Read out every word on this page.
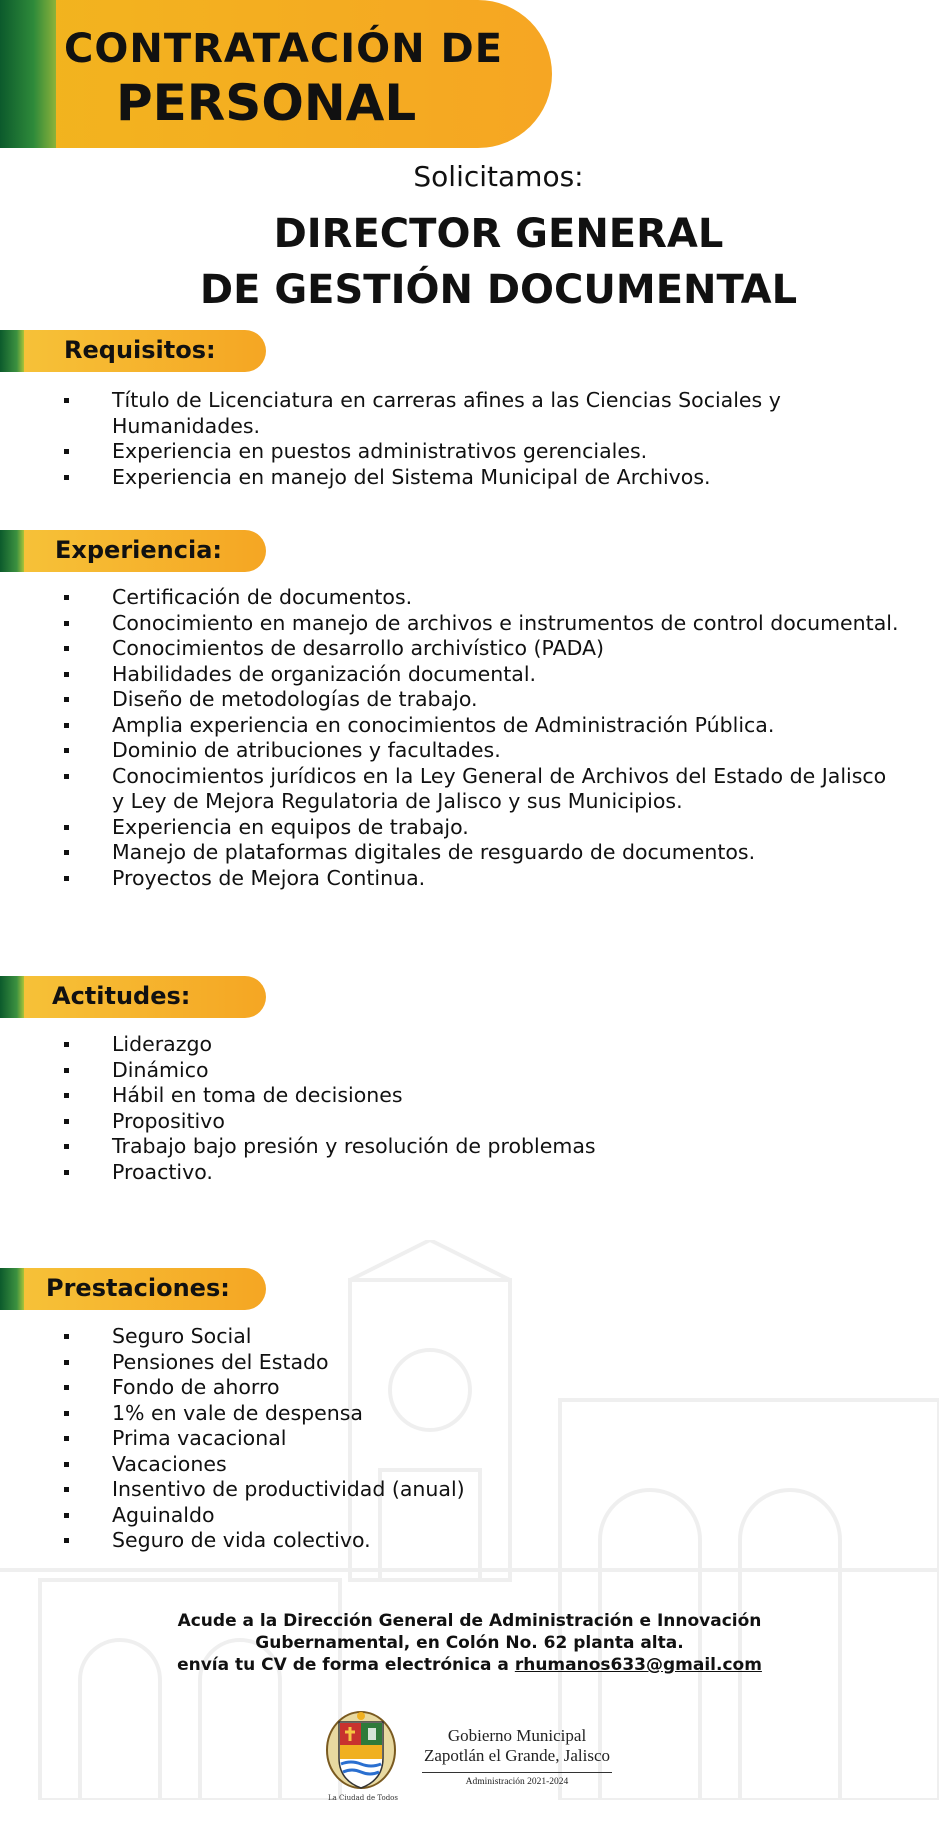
CONTRATACIÓN DE
PERSONAL
Solicitamos:
DIRECTOR GENERAL
DE GESTIÓN DOCUMENTAL
Requisitos:
Título de Licenciatura en carreras afines a las Ciencias Sociales y Humanidades.
Experiencia en puestos administrativos gerenciales.
Experiencia en manejo del Sistema Municipal de Archivos.
Experiencia:
Certificación de documentos.
Conocimiento en manejo de archivos e instrumentos de control documental.
Conocimientos de desarrollo archivístico (PADA)
Habilidades de organización documental.
Diseño de metodologías de trabajo.
Amplia experiencia en conocimientos de Administración Pública.
Dominio de atribuciones y facultades.
Conocimientos jurídicos en la Ley General de Archivos del Estado de Jalisco y Ley de Mejora Regulatoria de Jalisco y sus Municipios.
Experiencia en equipos de trabajo.
Manejo de plataformas digitales de resguardo de documentos.
Proyectos de Mejora Continua.
Actitudes:
Liderazgo
Dinámico
Hábil en toma de decisiones
Propositivo
Trabajo bajo presión y resolución de problemas
Proactivo.
Prestaciones:
Seguro Social
Pensiones del Estado
Fondo de ahorro
1% en vale de despensa
Prima vacacional
Vacaciones
Insentivo de productividad (anual)
Aguinaldo
Seguro de vida colectivo.
Acude a la Dirección General de Administración e Innovación
Gubernamental, en Colón No. 62 planta alta.
envía tu CV de forma electrónica a rhumanos633@gmail.com
La Ciudad de Todos
Gobierno Municipal
Zapotlán el Grande, Jalisco
Administración 2021-2024
